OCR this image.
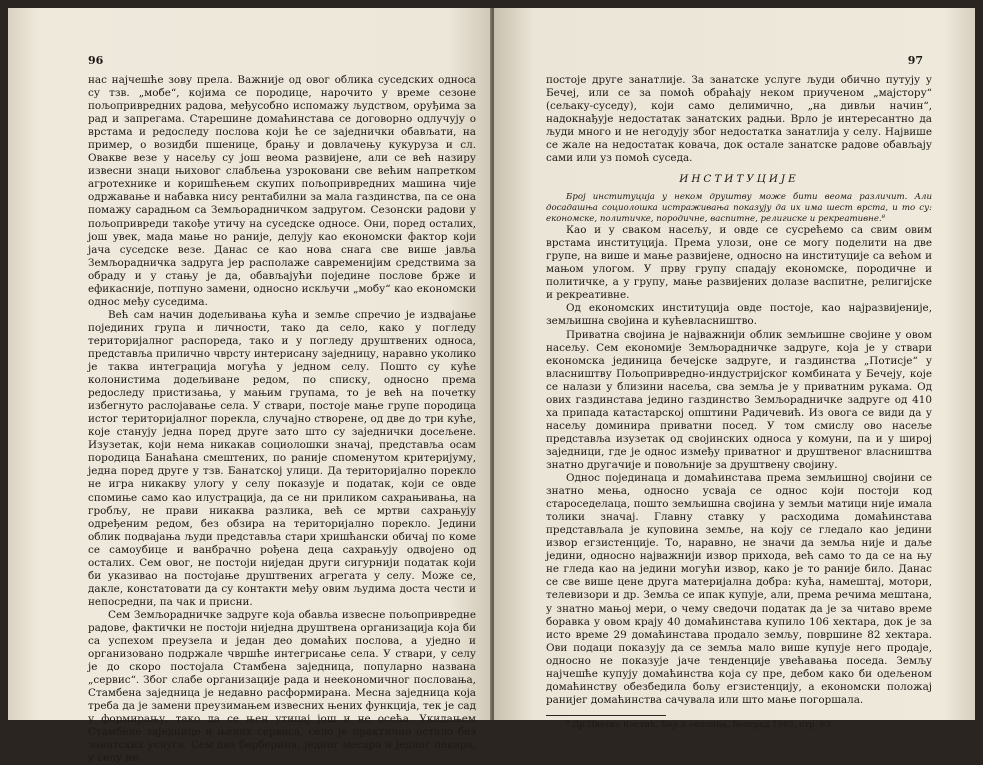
96

нас најчешће зову прела. Важније од овог облика суседских односа су тзв. „мобе“, којима се породице, нарочито у време сезоне пољопривредних радова, међусобно испомажу људством, оруђима за рад и запрегама. Старешине домаћинстава се договорно одлучују о врстама и редоследу послова који ће се заједнички обављати, на пример, о возидби пшенице, брању и довлачењу кукуруза и сл. Овакве везе у насељу су још веома развијене, али се већ назиру извесни знаци њиховог слабљења узроковани све већим напретком агротехнике и коришћењем скупих пољопривредних машина чије одржавање и набавка нису рентабилни за мала газдинства, па се она помажу сарадњом са Земљорадничком задругом. Сезонски радови у пољопривреди такође утичу на суседске односе. Они, поред осталих, још увек, мада мање но раније, делују као економски фактор који јача суседске везе. Данас се као нова снага све више јавља Земљорадничка задруга јер располаже савременијим средствима за обраду и у стању је да, обављајући поједине послове брже и ефикасније, потпуно замени, односно искључи „мобу“ као економски однос међу суседима.

Већ сам начин додељивања кућа и земље спречио је издвајање појединих група и личности, тако да село, како у погледу територијалног распореда, тако и у погледу друштвених односа, представља прилично чврсту интерисану заједницу, наравно уколико је таква интеграција могућа у једном селу. Пошто су куће колонистима додељиване редом, по списку, односно према редоследу пристизања, у мањим групама, то је већ на почетку избегнуто раслојавање села. У ствари, постоје мање групе породица истог територијалног порекла, случајно створене, од две до три куће, које станују једна поред друге зато што су заједнички досељене. Изузетак, који нема никакав социолошки значај, представља осам породица Банаћана смештених, по раније споменутом критеријуму, једна поред друге у тзв. Банатској улици. Да територијално порекло не игра никакву улогу у селу показује и податак, који се овде спомиње само као илустрација, да се ни приликом сахрањивања, на гробљу, не прави никаква разлика, већ се мртви сахрањују одређеним редом, без обзира на територијално порекло. Једини облик подвајања људи представља стари хришћански обичај по коме се самоубице и ванбрачно рођена деца сахрањују одвојено од осталих. Сем овог, не постоји ниједан други сигурнији податак који би указивао на постојање друштвених агрегата у селу. Може се, дакле, констатовати да су контакти међу овим људима доста чести и непосредни, па чак и присни.

Сем Земљорадничке задруге која обавља извесне пољопривредне радове, фактички не постоји ниједна друштвена организација која би са успехом преузела и један део домаћих послова, а уједно и организовано подржале чвршће интегрисање села. У ствари, у селу је до скоро постојала Стамбена заједница, популарно названа „сервис“. Због слабе организације рада и неекономичног пословања, Стамбена заједница је недавно расформирана. Месна заједница која треба да је замени преузимањем извесних њених функција, тек је сад у формирању, тако да се њен утицај још и не осећа. Укидањем Стамбене заједнице и њених сервиса, село је практично остало без занатских услуга. Сем два берберина, једног месара и једног пекара, у селу не

97

постоје друге занатлије. За занатске услуге људи обично путују у Бечеј, или се за помоћ обраћају неком приученом „мајстору“ (сељаку-суседу), који само делимично, „на дивљи начин“, надокнађује недостатак занатских радњи. Врло је интересантно да људи много и не негодују због недостатка занатлија у селу. Највише се жале на недостатак ковача, док остале занатске радове обављају сами или уз помоћ суседа.

ИНСТИТУЦИЈЕ

Број институција у неком друштву може бити веома различит. Али досадашња социолошка истраживања показују да их има шест врста, и то су: економске, политичке, породичне, васпитне, религиске и рекреативне.⁸

Као и у сваком насељу, и овде се сусрећемо са свим овим врстама институција. Према улози, оне се могу поделити на две групе, на више и мање развијене, односно на институције са већом и мањом улогом. У прву групу спадају економске, породичне и политичке, а у групу, мање развијених долазе васпитне, религијске и рекреативне.

Од економских институција овде постоје, као најразвијеније, земљишна својина и кућевласништво.

Приватна својина је најважнији облик земљишне својине у овом насељу. Сем економије Земљорадничке задруге, која је у ствари економска јединица бечејске задруге, и газдинства „Потисје“ у власништву Пољопривредно-индустријског комбината у Бечеју, које се налази у близини насеља, сва земља је у приватним рукама. Од ових газдинстава једино газдинство Земљорадничке задруге од 410 ха припада катастарској општини Радичевић. Из овога се види да у насељу доминира приватни посед. У том смислу ово насеље представља изузетак од својинских односа у комуни, па и у широј заједници, где је однос између приватног и друштвеног власништва знатно другачије и повољније за друштвену својину.

Однос појединаца и домаћинстава према земљишној својини се знатно мења, односно усваја се однос који постоји код староседелаца, пошто земљишна својина у земљи матици није имала толики значај. Главну ставку у расходима домаћинстава представљала је куповина земље, на коју се гледало као једини извор егзистенције. То, наравно, не значи да земља није и даље једини, односно најважнији извор прихода, већ само то да се на њу не гледа као на једини могући извор, како је то раније било. Данас се све више цене друга материјална добра: кућа, намештај, мотори, телевизори и др. Земља се ипак купује, али, према речима мештана, у знатно мањој мери, о чему сведочи податак да је за читаво време боравка у овом крају 40 домаћинстава купило 106 хектара, док је за исто време 29 домаћинстава продало земљу, површине 82 хектара. Ови подаци показују да се земља мало више купује него продаје, односно не показује јаче тенденције увећавања поседа. Земљу најчешће купују домаћинства која су пре, дебом како би одељеном домаћинству обезбедила бољу егзистенцију, а економски положај ранијег домаћинства сачувала или што мање погоршала.

⁸ Др Цветко Костић, Бор и околина, Београд 1962, стр. 63.
